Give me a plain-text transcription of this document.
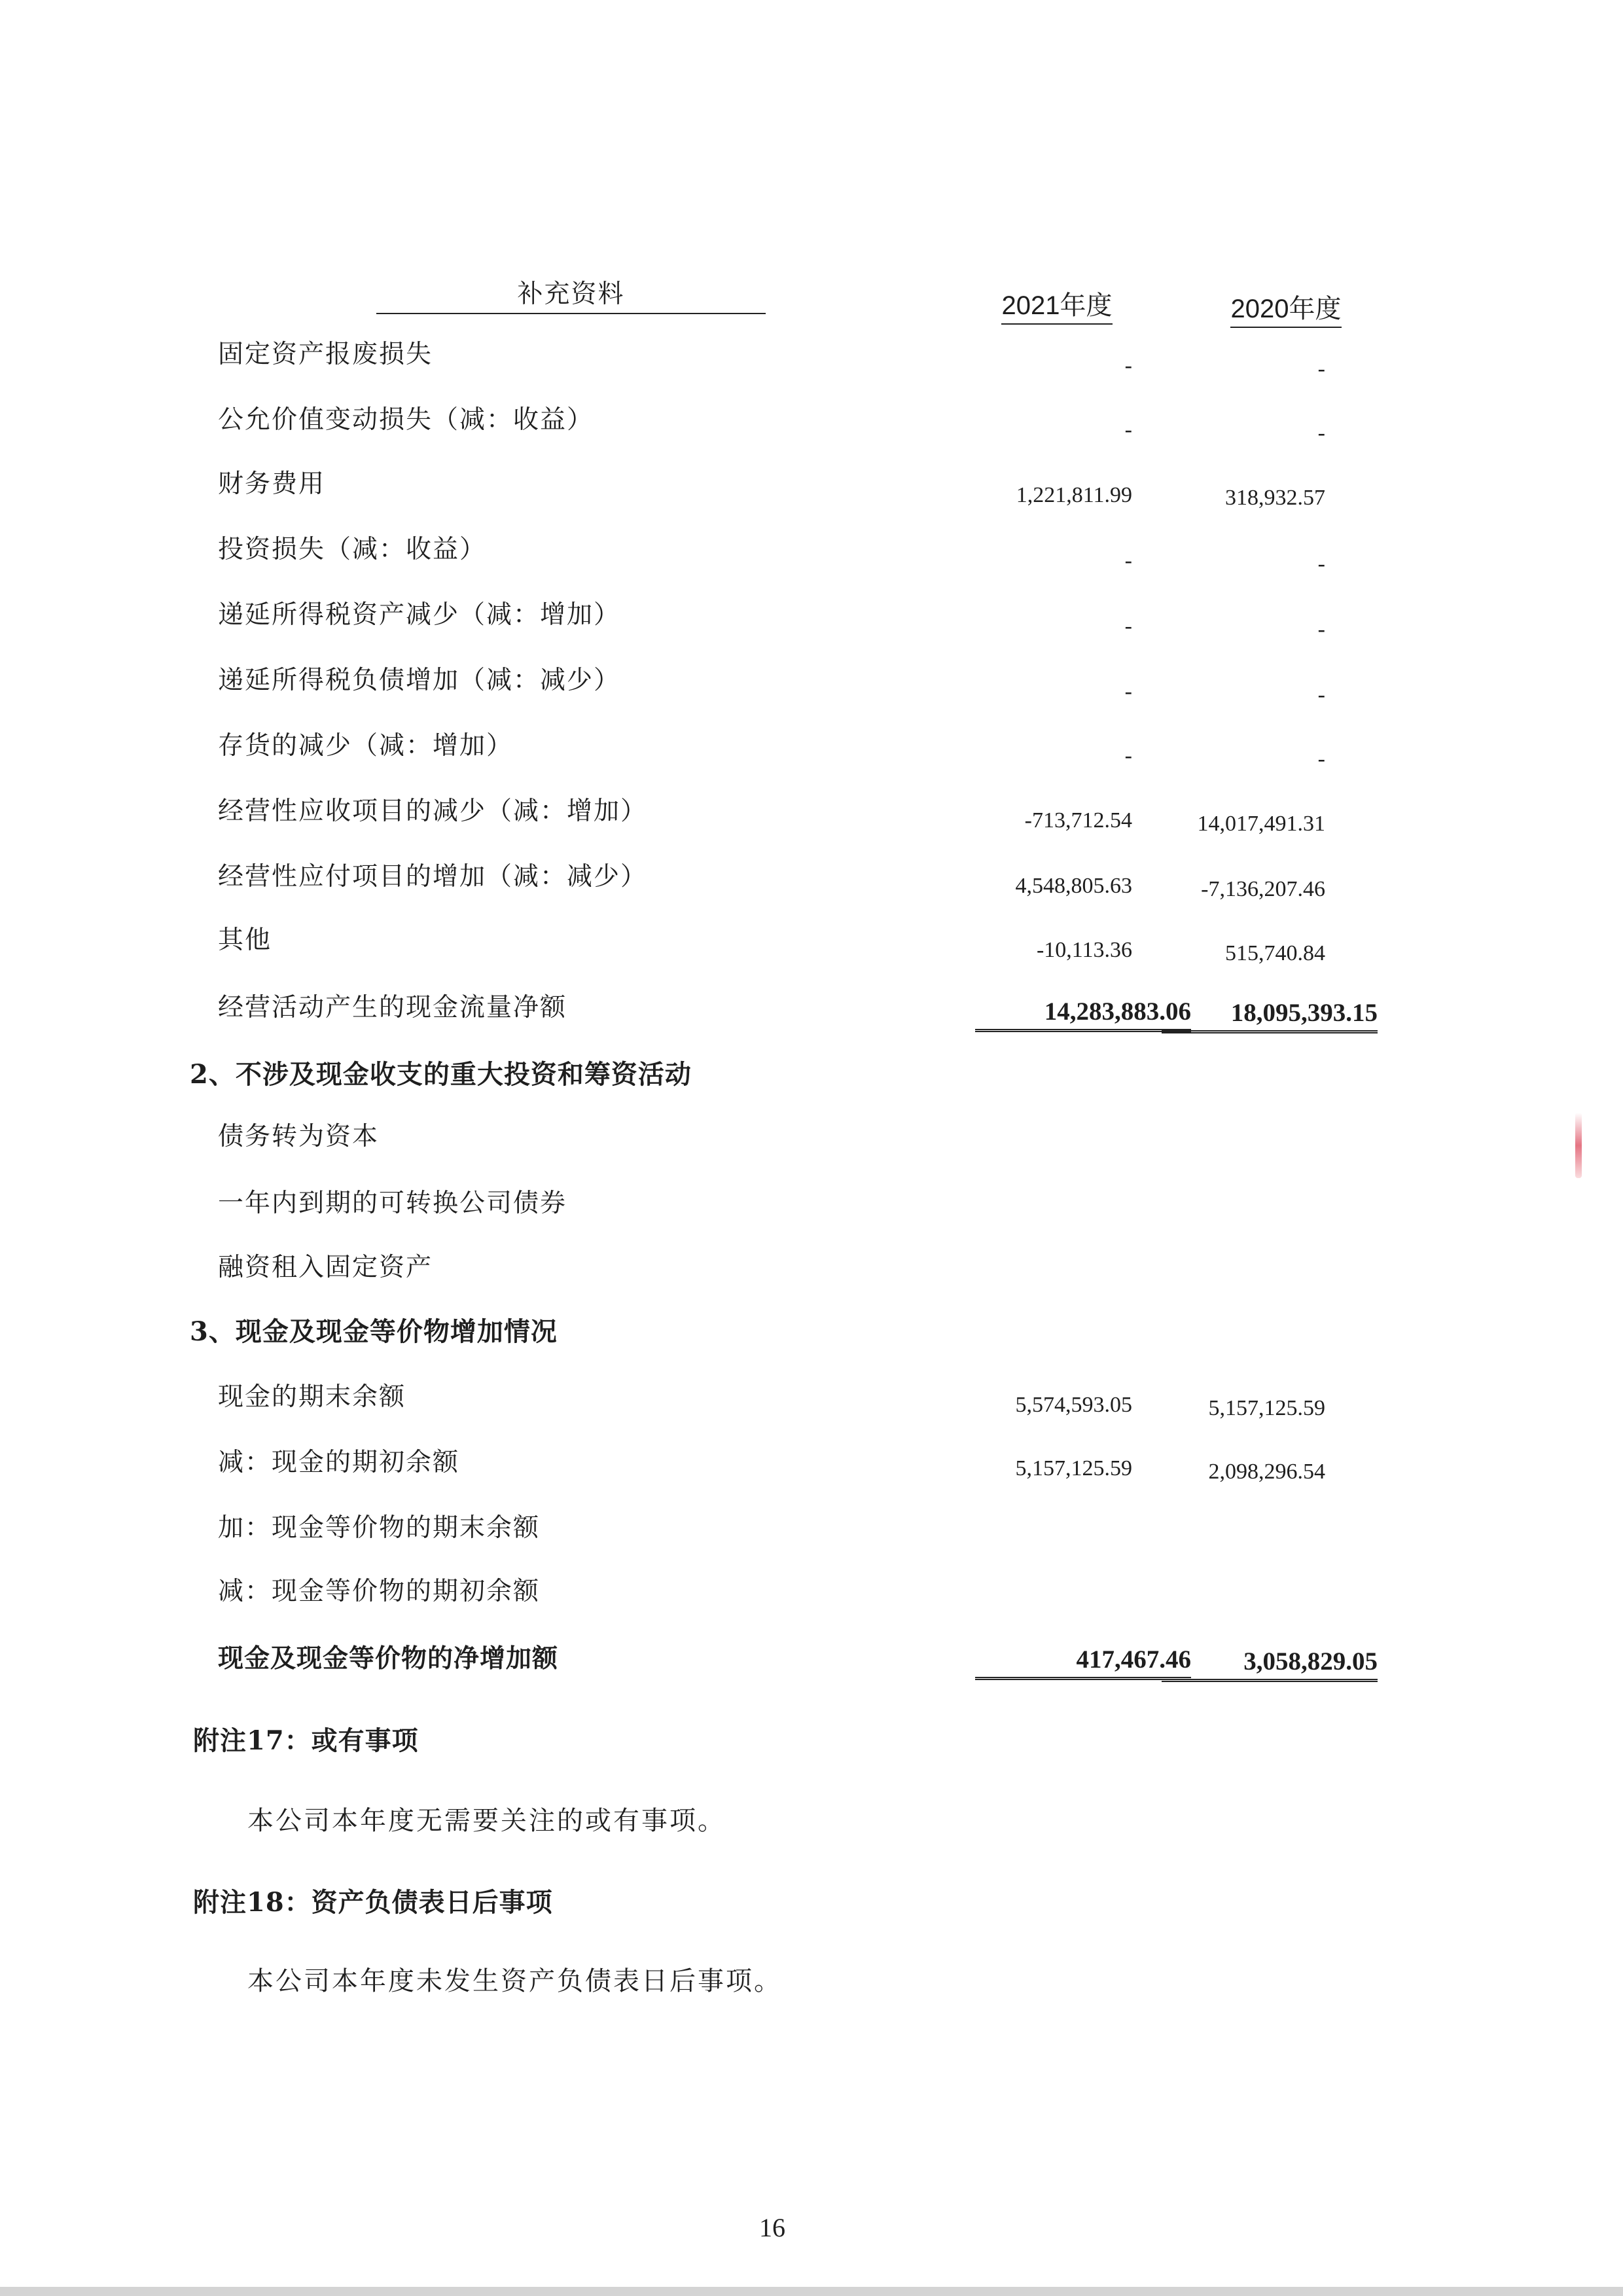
补充资料	2021年度	2020年度
固定资产报废损失	-	-
公允价值变动损失（减：收益）	-	-
财务费用	1,221,811.99	318,932.57
投资损失（减：收益）	-	-
递延所得税资产减少（减：增加）	-	-
递延所得税负债增加（减：减少）	-	-
存货的减少（减：增加）	-	-
经营性应收项目的减少（减：增加）	-713,712.54	14,017,491.31
经营性应付项目的增加（减：减少）	4,548,805.63	-7,136,207.46
其他	-10,113.36	515,740.84
经营活动产生的现金流量净额	14,283,883.06	18,095,393.15
2、不涉及现金收支的重大投资和筹资活动
债务转为资本
一年内到期的可转换公司债券
融资租入固定资产
3、现金及现金等价物增加情况
现金的期末余额	5,574,593.05	5,157,125.59
减：现金的期初余额	5,157,125.59	2,098,296.54
加：现金等价物的期末余额
减：现金等价物的期初余额
现金及现金等价物的净增加额	417,467.46	3,058,829.05
附注17：或有事项
本公司本年度无需要关注的或有事项。
附注18：资产负债表日后事项
本公司本年度未发生资产负债表日后事项。
16
